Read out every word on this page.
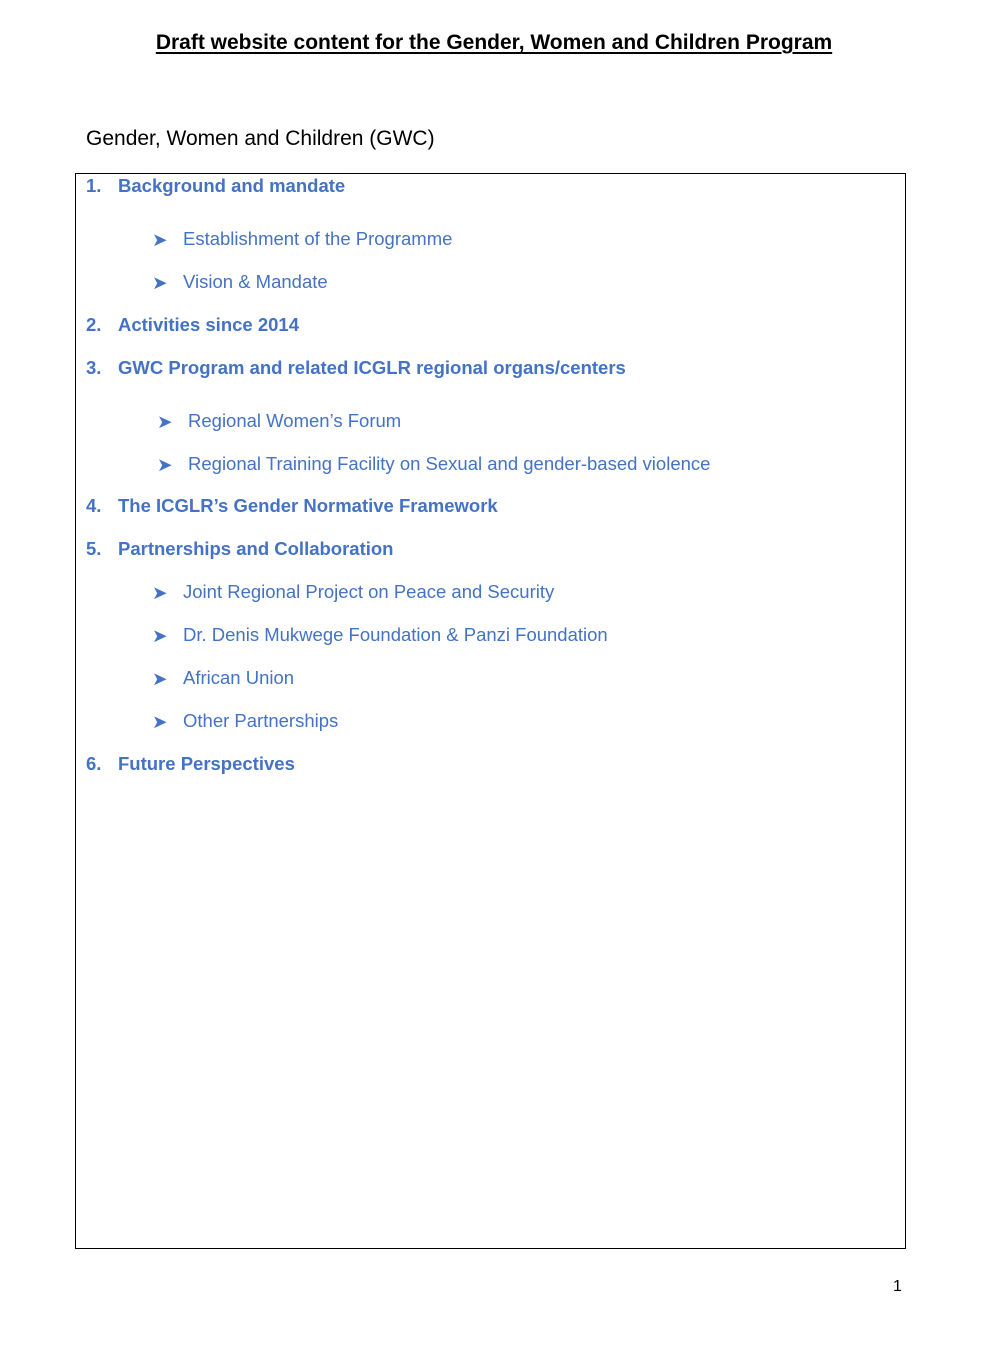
Draft website content for the Gender, Women and Children Program
Gender, Women and Children (GWC)
1. Background and mandate
➤ Establishment of the Programme
➤ Vision & Mandate
2. Activities since 2014
3. GWC Program and related ICGLR regional organs/centers
➤ Regional Women’s Forum
➤ Regional Training Facility on Sexual and gender-based violence
4. The ICGLR’s Gender Normative Framework
5. Partnerships and Collaboration
➤ Joint Regional Project on Peace and Security
➤ Dr. Denis Mukwege Foundation & Panzi Foundation
➤ African Union
➤ Other Partnerships
6. Future Perspectives
1
